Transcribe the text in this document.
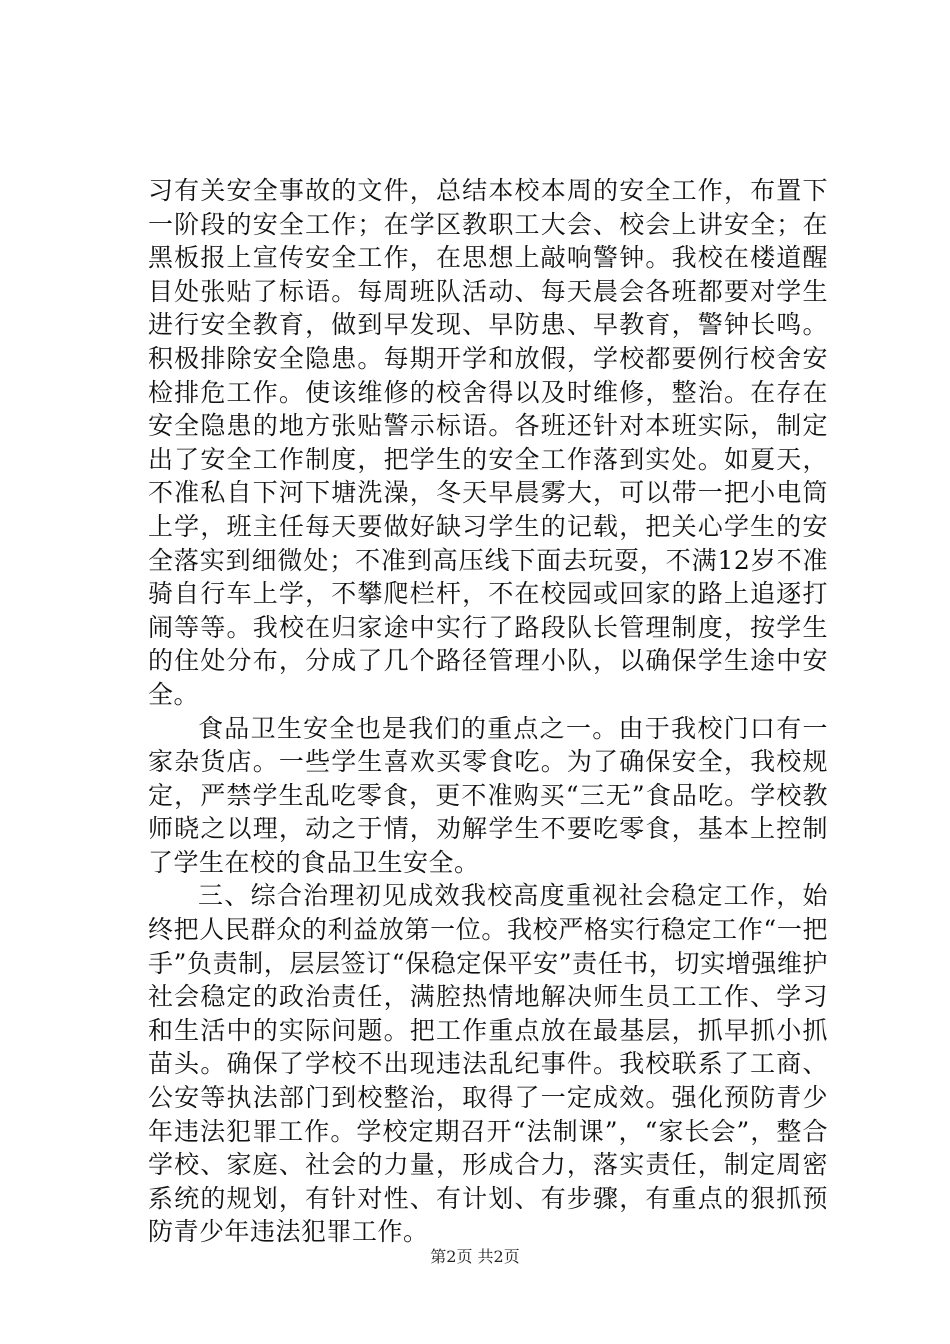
习有关安全事故的文件，总结本校本周的安全工作，布置下一阶段的安全工作；在学区教职工大会、校会上讲安全；在黑板报上宣传安全工作，在思想上敲响警钟。我校在楼道醒目处张贴了标语。每周班队活动、每天晨会各班都要对学生进行安全教育，做到早发现、早防患、早教育，警钟长鸣。积极排除安全隐患。每期开学和放假，学校都要例行校舍安检排危工作。使该维修的校舍得以及时维修，整治。在存在安全隐患的地方张贴警示标语。各班还针对本班实际，制定出了安全工作制度，把学生的安全工作落到实处。如夏天，不准私自下河下塘洗澡，冬天早晨雾大，可以带一把小电筒上学，班主任每天要做好缺习学生的记载，把关心学生的安全落实到细微处；不准到高压线下面去玩耍，不满12岁不准骑自行车上学，不攀爬栏杆，不在校园或回家的路上追逐打闹等等。我校在归家途中实行了路段队长管理制度，按学生的住处分布，分成了几个路径管理小队，以确保学生途中安全。

食品卫生安全也是我们的重点之一。由于我校门口有一家杂货店。一些学生喜欢买零食吃。为了确保安全，我校规定，严禁学生乱吃零食，更不准购买“三无”食品吃。学校教师晓之以理，动之于情，劝解学生不要吃零食，基本上控制了学生在校的食品卫生安全。

三、综合治理初见成效我校高度重视社会稳定工作，始终把人民群众的利益放第一位。我校严格实行稳定工作“一把手”负责制，层层签订“保稳定保平安”责任书，切实增强维护社会稳定的政治责任，满腔热情地解决师生员工工作、学习和生活中的实际问题。把工作重点放在最基层，抓早抓小抓苗头。确保了学校不出现违法乱纪事件。我校联系了工商、公安等执法部门到校整治，取得了一定成效。强化预防青少年违法犯罪工作。学校定期召开“法制课”，“家长会”，整合学校、家庭、社会的力量，形成合力，落实责任，制定周密系统的规划，有针对性、有计划、有步骤，有重点的狠抓预防青少年违法犯罪工作。

第2页 共2页
